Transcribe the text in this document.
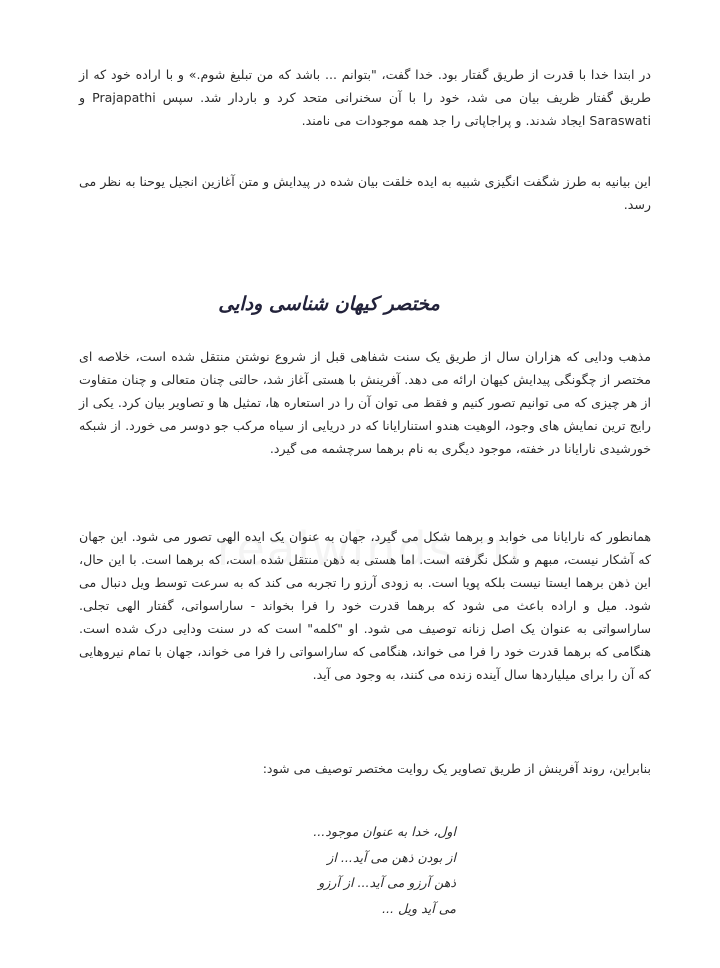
در ابتدا خدا با قدرت از طریق گفتار بود. خدا گفت، "بتوانم ... باشد که من تبلیغ شوم.» و با اراده خود که از طریق گفتار ظریف بیان می شد، خود را با آن سخنرانی متحد کرد و باردار شد. سپس Prajapathi و Saraswati ایجاد شدند. و پراجاپاتی را جد همه موجودات می نامند.

این بیانیه به طرز شگفت انگیزی شبیه به ایده خلقت بیان شده در پیدایش و متن آغازین انجیل یوحنا به نظر می رسد.

مختصر کیهان شناسی ودایی

مذهب ودایی که هزاران سال از طریق یک سنت شفاهی قبل از شروع نوشتن منتقل شده است، خلاصه ای مختصر از چگونگی پیدایش کیهان ارائه می دهد. آفرینش با هستی آغاز شد، حالتی چنان متعالی و چنان متفاوت از هر چیزی که می توانیم تصور کنیم و فقط می توان آن را در استعاره ها، تمثیل ها و تصاویر بیان کرد. یکی از رایج ترین نمایش های وجود، الوهیت هندو استنارایانا که در دریایی از سیاه مرکب جو دوسر می خورد. از شبکه خورشیدی نارایانا در خفته، موجود دیگری به نام برهما سرچشمه می گیرد.

همانطور که نارایانا می خوابد و برهما شکل می گیرد، جهان به عنوان یک ایده الهی تصور می شود. این جهان که آشکار نیست، مبهم و شکل نگرفته است. اما هستی به ذهن منتقل شده است، که برهما است. با این حال، این ذهن برهما ایستا نیست بلکه پویا است. به زودی آرزو را تجربه می کند که به سرعت توسط ویل دنبال می شود. میل و اراده باعث می شود که برهما قدرت خود را فرا بخواند - ساراسواتی، گفتار الهی تجلی. ساراسواتی به عنوان یک اصل زنانه توصیف می شود. او "کلمه" است که در سنت ودایی درک شده است. هنگامی که برهما قدرت خود را فرا می خواند، هنگامی که ساراسواتی را فرا می خواند، جهان با تمام نیروهایی که آن را برای میلیاردها سال آینده زنده می کنند، به وجود می آید.

بنابراین، روند آفرینش از طریق تصاویر یک روایت مختصر توصیف می شود:

اول، خدا به عنوان موجود...
از بودن ذهن می آید... از
ذهن آرزو می آید... از آرزو
می آید ویل ...
